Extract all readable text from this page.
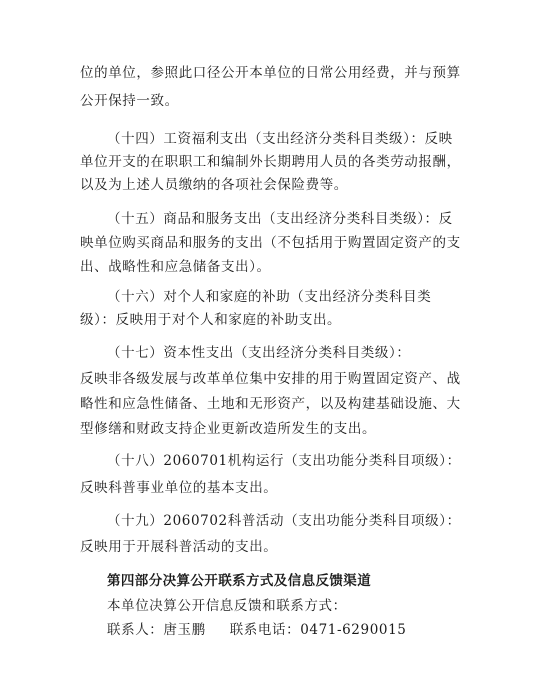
位的单位，参照此口径公开本单位的日常公用经费，并与预算
公开保持一致。
（十四）工资福利支出（支出经济分类科目类级）：反映
单位开支的在职职工和编制外长期聘用人员的各类劳动报酬，
以及为上述人员缴纳的各项社会保险费等。
（十五）商品和服务支出（支出经济分类科目类级）：反
映单位购买商品和服务的支出（不包括用于购置固定资产的支
出、战略性和应急储备支出）。
（十六）对个人和家庭的补助（支出经济分类科目类
级）：反映用于对个人和家庭的补助支出。
（十七）资本性支出（支出经济分类科目类级）：
反映非各级发展与改革单位集中安排的用于购置固定资产、战
略性和应急性储备、土地和无形资产，以及构建基础设施、大
型修缮和财政支持企业更新改造所发生的支出。
（十八）2060701机构运行（支出功能分类科目项级）：
反映科普事业单位的基本支出。
（十九）2060702科普活动（支出功能分类科目项级）：
反映用于开展科普活动的支出。
第四部分决算公开联系方式及信息反馈渠道
本单位决算公开信息反馈和联系方式：
联系人：唐玉鹏 联系电话：0471-6290015
